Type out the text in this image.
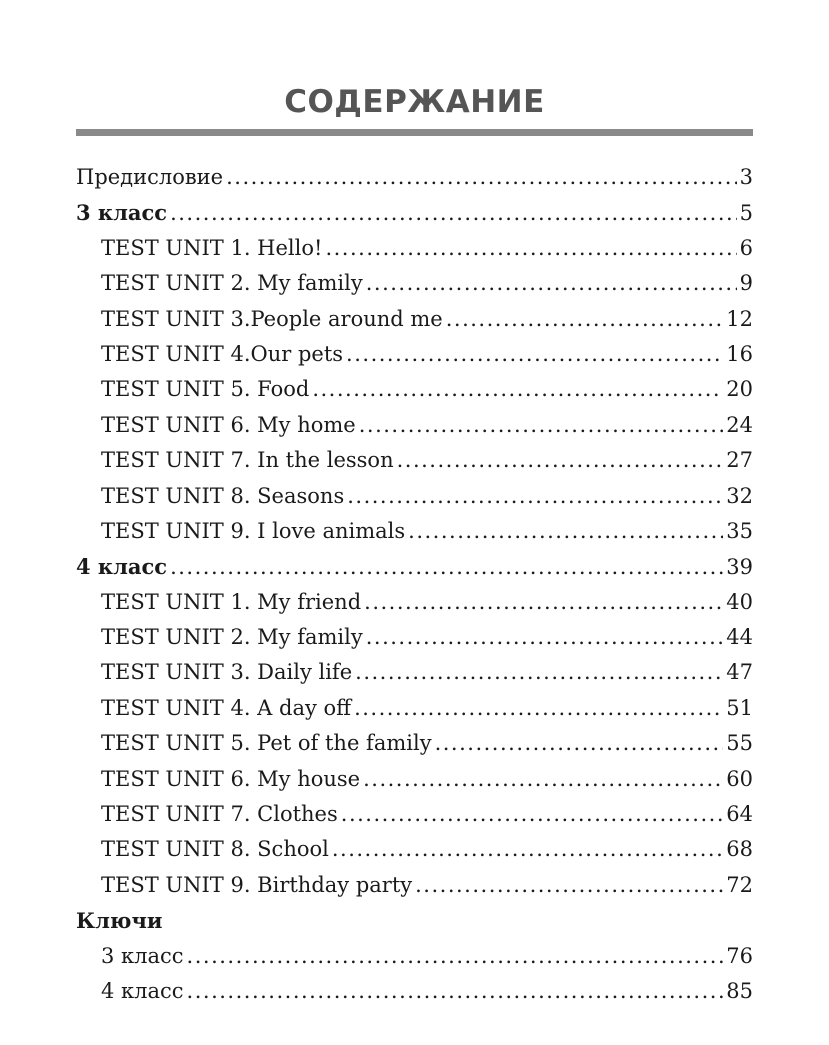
СОДЕРЖАНИЕ
Предисловие .....	3
3 класс .....	5
TEST UNIT 1. Hello! .....	6
TEST UNIT 2. My family .....	9
TEST UNIT 3.People around me .....	12
TEST UNIT 4.Our pets .....	16
TEST UNIT 5. Food .....	20
TEST UNIT 6. My home .....	24
TEST UNIT 7. In the lesson .....	27
TEST UNIT 8. Seasons .....	32
TEST UNIT 9. I love animals .....	35
4 класс .....	39
TEST UNIT 1. My friend .....	40
TEST UNIT 2. My family .....	44
TEST UNIT 3. Daily life .....	47
TEST UNIT 4. A day off .....	51
TEST UNIT 5. Pet of the family .....	55
TEST UNIT 6. My house .....	60
TEST UNIT 7. Clothes .....	64
TEST UNIT 8. School .....	68
TEST UNIT 9. Birthday party .....	72
Ключи
3 класс .....	76
4 класс .....	85
